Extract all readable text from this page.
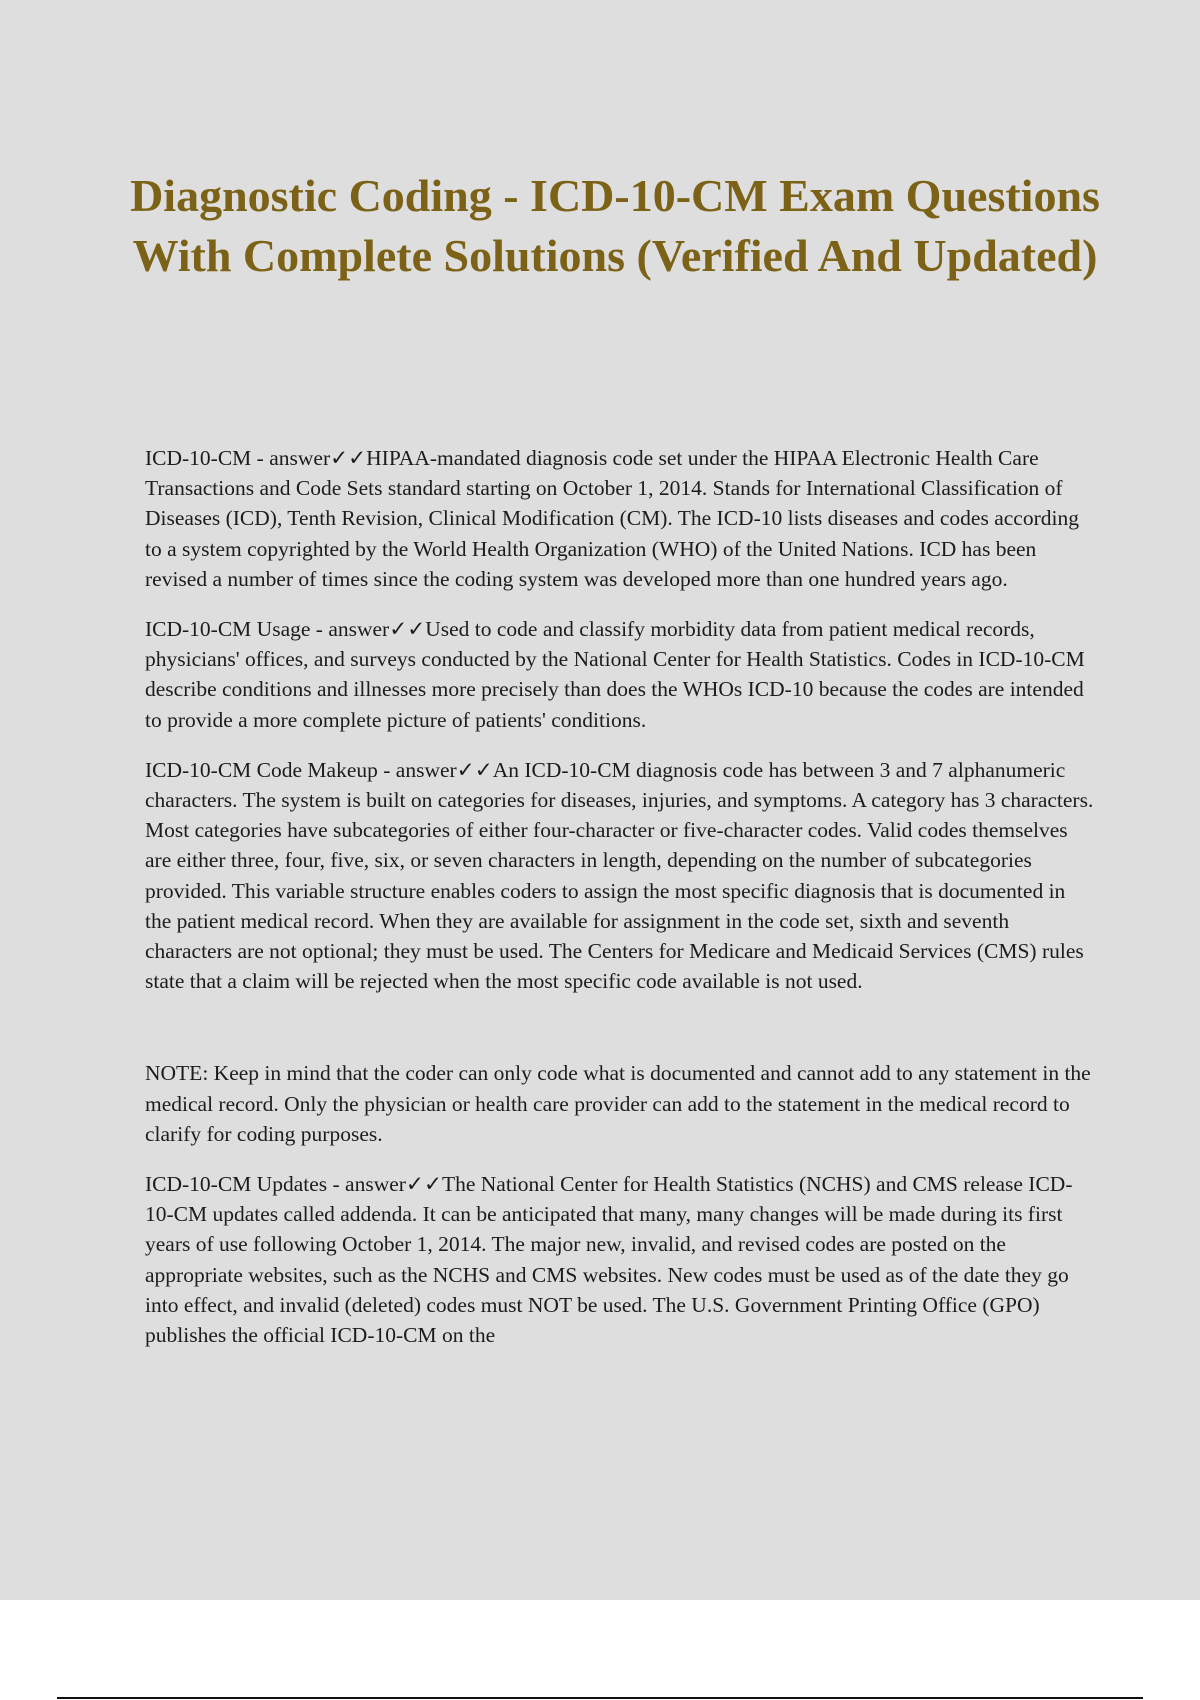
Diagnostic Coding - ICD-10-CM Exam Questions With Complete Solutions (Verified And Updated)

ICD-10-CM - answer✓✓HIPAA-mandated diagnosis code set under the HIPAA Electronic Health Care Transactions and Code Sets standard starting on October 1, 2014. Stands for International Classification of Diseases (ICD), Tenth Revision, Clinical Modification (CM). The ICD-10 lists diseases and codes according to a system copyrighted by the World Health Organization (WHO) of the United Nations. ICD has been revised a number of times since the coding system was developed more than one hundred years ago.

ICD-10-CM Usage - answer✓✓Used to code and classify morbidity data from patient medical records, physicians' offices, and surveys conducted by the National Center for Health Statistics. Codes in ICD-10-CM describe conditions and illnesses more precisely than does the WHOs ICD-10 because the codes are intended to provide a more complete picture of patients' conditions.

ICD-10-CM Code Makeup - answer✓✓An ICD-10-CM diagnosis code has between 3 and 7 alphanumeric characters. The system is built on categories for diseases, injuries, and symptoms. A category has 3 characters. Most categories have subcategories of either four-character or five-character codes. Valid codes themselves are either three, four, five, six, or seven characters in length, depending on the number of subcategories provided. This variable structure enables coders to assign the most specific diagnosis that is documented in the patient medical record. When they are available for assignment in the code set, sixth and seventh characters are not optional; they must be used. The Centers for Medicare and Medicaid Services (CMS) rules state that a claim will be rejected when the most specific code available is not used.

NOTE: Keep in mind that the coder can only code what is documented and cannot add to any statement in the medical record. Only the physician or health care provider can add to the statement in the medical record to clarify for coding purposes.

ICD-10-CM Updates - answer✓✓The National Center for Health Statistics (NCHS) and CMS release ICD-10-CM updates called addenda. It can be anticipated that many, many changes will be made during its first years of use following October 1, 2014. The major new, invalid, and revised codes are posted on the appropriate websites, such as the NCHS and CMS websites. New codes must be used as of the date they go into effect, and invalid (deleted) codes must NOT be used. The U.S. Government Printing Office (GPO) publishes the official ICD-10-CM on the
